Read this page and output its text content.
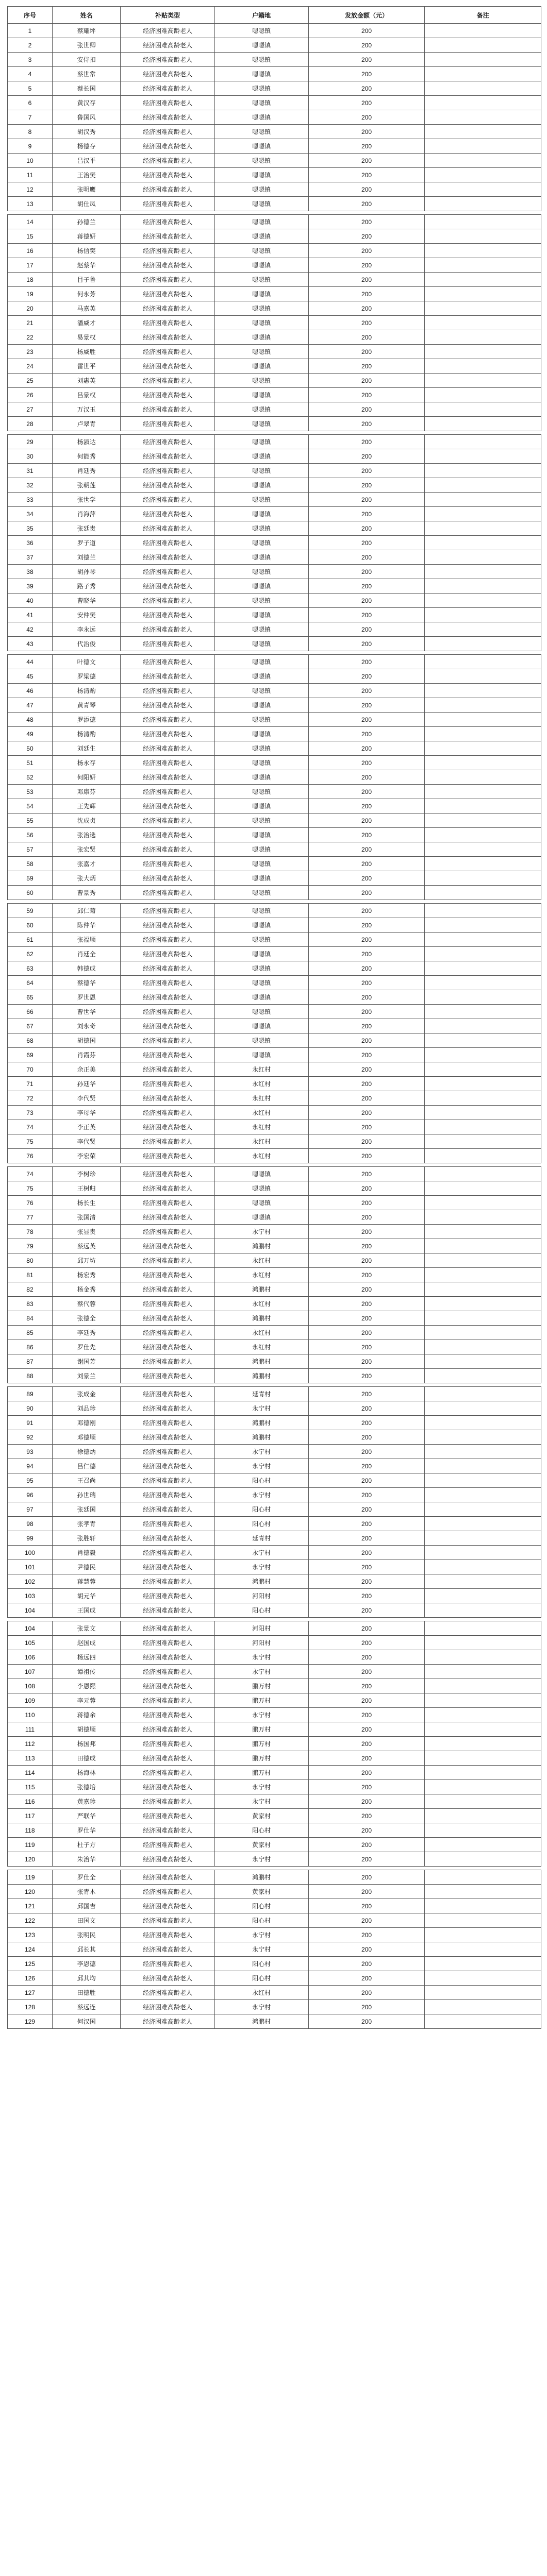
序号	姓名	补贴类型	户籍地	发放金额（元）	备注
1	蔡耀坪	经济困难高龄老人	嗯嗯镇	200	
2	张世卿	经济困难高龄老人	嗯嗯镇	200	
3	安侍扣	经济困难高龄老人	嗯嗯镇	200	
4	蔡世常	经济困难高龄老人	嗯嗯镇	200	
5	蔡长国	经济困难高龄老人	嗯嗯镇	200	
6	黄汉存	经济困难高龄老人	嗯嗯镇	200	
7	鲁国风	经济困难高龄老人	嗯嗯镇	200	
8	胡汉秀	经济困难高龄老人	嗯嗯镇	200	
9	杨德存	经济困难高龄老人	嗯嗯镇	200	
10	吕汉平	经济困难高龄老人	嗯嗯镇	200	
11	王治樊	经济困难高龄老人	嗯嗯镇	200	
12	张明鹰	经济困难高龄老人	嗯嗯镇	200	
13	胡仕凤	经济困难高龄老人	嗯嗯镇	200	

14	孙德兰	经济困难高龄老人	嗯嗯镇	200	
15	蒋德妍	经济困难高龄老人	嗯嗯镇	200	
16	杨信樊	经济困难高龄老人	嗯嗯镇	200	
17	赵蔡华	经济困难高龄老人	嗯嗯镇	200	
18	目子鲁	经济困难高龄老人	嗯嗯镇	200	
19	何永芳	经济困难高龄老人	嗯嗯镇	200	
20	马嘉英	经济困难高龄老人	嗯嗯镇	200	
21	潘威才	经济困难高龄老人	嗯嗯镇	200	
22	易景权	经济困难高龄老人	嗯嗯镇	200	
23	杨威胜	经济困难高龄老人	嗯嗯镇	200	
24	雷世平	经济困难高龄老人	嗯嗯镇	200	
25	刘惠英	经济困难高龄老人	嗯嗯镇	200	
26	吕景权	经济困难高龄老人	嗯嗯镇	200	
27	万汉玉	经济困难高龄老人	嗯嗯镇	200	
28	卢翠青	经济困难高龄老人	嗯嗯镇	200	

29	杨淑达	经济困难高龄老人	嗯嗯镇	200	
30	何能秀	经济困难高龄老人	嗯嗯镇	200	
31	肖廷秀	经济困难高龄老人	嗯嗯镇	200	
32	张朝莲	经济困难高龄老人	嗯嗯镇	200	
33	张世学	经济困难高龄老人	嗯嗯镇	200	
34	肖海萍	经济困难高龄老人	嗯嗯镇	200	
35	张廷贵	经济困难高龄老人	嗯嗯镇	200	
36	罗子道	经济困难高龄老人	嗯嗯镇	200	
37	刘德兰	经济困难高龄老人	嗯嗯镇	200	
38	胡孙琴	经济困难高龄老人	嗯嗯镇	200	
39	路子秀	经济困难高龄老人	嗯嗯镇	200	
40	曹晓华	经济困难高龄老人	嗯嗯镇	200	
41	安仲樊	经济困难高龄老人	嗯嗯镇	200	
42	李永远	经济困难高龄老人	嗯嗯镇	200	
43	代治俊	经济困难高龄老人	嗯嗯镇	200	

44	叶德文	经济困难高龄老人	嗯嗯镇	200	
45	罗梁德	经济困难高龄老人	嗯嗯镇	200	
46	杨清酌	经济困难高龄老人	嗯嗯镇	200	
47	黄青琴	经济困难高龄老人	嗯嗯镇	200	
48	罗添德	经济困难高龄老人	嗯嗯镇	200	
49	杨清酌	经济困难高龄老人	嗯嗯镇	200	
50	刘廷生	经济困难高龄老人	嗯嗯镇	200	
51	杨永存	经济困难高龄老人	嗯嗯镇	200	
52	何阳妍	经济困难高龄老人	嗯嗯镇	200	
53	邓康芬	经济困难高龄老人	嗯嗯镇	200	
54	王先辉	经济困难高龄老人	嗯嗯镇	200	
55	沈成贞	经济困难高龄老人	嗯嗯镇	200	
56	张治选	经济困难高龄老人	嗯嗯镇	200	
57	张宏贤	经济困难高龄老人	嗯嗯镇	200	
58	张嘉才	经济困难高龄老人	嗯嗯镇	200	
59	张大炳	经济困难高龄老人	嗯嗯镇	200	
60	曹景秀	经济困难高龄老人	嗯嗯镇	200	

59	邱仁菊	经济困难高龄老人	嗯嗯镇	200	
60	陈仲华	经济困难高龄老人	嗯嗯镇	200	
61	张福顺	经济困难高龄老人	嗯嗯镇	200	
62	肖廷全	经济困难高龄老人	嗯嗯镇	200	
63	韩德成	经济困难高龄老人	嗯嗯镇	200	
64	蔡德华	经济困难高龄老人	嗯嗯镇	200	
65	罗世恩	经济困难高龄老人	嗯嗯镇	200	
66	曹世华	经济困难高龄老人	嗯嗯镇	200	
67	刘永奇	经济困难高龄老人	嗯嗯镇	200	
68	胡德国	经济困难高龄老人	嗯嗯镇	200	
69	肖霞芬	经济困难高龄老人	嗯嗯镇	200	
70	余正美	经济困难高龄老人	永红村	200	
71	孙廷华	经济困难高龄老人	永红村	200	
72	李代贤	经济困难高龄老人	永红村	200	
73	李母华	经济困难高龄老人	永红村	200	
74	李正英	经济困难高龄老人	永红村	200	
75	李代贤	经济困难高龄老人	永红村	200	
76	李宏荣	经济困难高龄老人	永红村	200	

74	李树珍	经济困难高龄老人	嗯嗯镇	200	
75	王树归	经济困难高龄老人	嗯嗯镇	200	
76	杨长生	经济困难高龄老人	嗯嗯镇	200	
77	张国清	经济困难高龄老人	嗯嗯镇	200	
78	张显贵	经济困难高龄老人	永宁村	200	
79	蔡远英	经济困难高龄老人	鸿鹏村	200	
80	邱万坊	经济困难高龄老人	永红村	200	
81	杨宏秀	经济困难高龄老人	永红村	200	
82	杨金秀	经济困难高龄老人	鸿鹏村	200	
83	蔡代蓉	经济困难高龄老人	永红村	200	
84	张德全	经济困难高龄老人	鸿鹏村	200	
85	李廷秀	经济困难高龄老人	永红村	200	
86	罗仕先	经济困难高龄老人	永红村	200	
87	谢国芳	经济困难高龄老人	鸿鹏村	200	
88	刘景兰	经济困难高龄老人	鸿鹏村	200	

89	张成金	经济困难高龄老人	延青村	200	
90	刘品珍	经济困难高龄老人	永宁村	200	
91	邓德刚	经济困难高龄老人	鸿鹏村	200	
92	邓德顺	经济困难高龄老人	鸿鹏村	200	
93	徐德炳	经济困难高龄老人	永宁村	200	
94	吕仁德	经济困难高龄老人	永宁村	200	
95	王召尚	经济困难高龄老人	阳心村	200	
96	孙世瑞	经济困难高龄老人	永宁村	200	
97	张廷国	经济困难高龄老人	阳心村	200	
98	张孝青	经济困难高龄老人	阳心村	200	
99	张胜轩	经济困难高龄老人	延青村	200	
100	肖德毅	经济困难高龄老人	永宁村	200	
101	尹德民	经济困难高龄老人	永宁村	200	
102	蒋慧蓉	经济困难高龄老人	鸿鹏村	200	
103	胡元华	经济困难高龄老人	河阳村	200	
104	王国成	经济困难高龄老人	阳心村	200	

104	张景文	经济困难高龄老人	河阳村	200	
105	赵国成	经济困难高龄老人	河阳村	200	
106	杨远四	经济困难高龄老人	永宁村	200	
107	谭祖传	经济困难高龄老人	永宁村	200	
108	李恩熙	经济困难高龄老人	鹏万村	200	
109	李元蓉	经济困难高龄老人	鹏万村	200	
110	蒋德余	经济困难高龄老人	永宁村	200	
111	胡德顺	经济困难高龄老人	鹏万村	200	
112	杨国邦	经济困难高龄老人	鹏万村	200	
113	田德成	经济困难高龄老人	鹏万村	200	
114	杨海林	经济困难高龄老人	鹏万村	200	
115	张德培	经济困难高龄老人	永宁村	200	
116	黄嘉珍	经济困难高龄老人	永宁村	200	
117	严联华	经济困难高龄老人	黄家村	200	
118	罗仕华	经济困难高龄老人	阳心村	200	
119	杜子方	经济困难高龄老人	黄家村	200	
120	朱治华	经济困难高龄老人	永宁村	200	

119	罗仕全	经济困难高龄老人	鸿鹏村	200	
120	张青木	经济困难高龄老人	黄家村	200	
121	邱国吉	经济困难高龄老人	阳心村	200	
122	田国文	经济困难高龄老人	阳心村	200	
123	张明民	经济困难高龄老人	永宁村	200	
124	邱长其	经济困难高龄老人	永宁村	200	
125	李恩德	经济困难高龄老人	阳心村	200	
126	邱其均	经济困难高龄老人	阳心村	200	
127	田德胜	经济困难高龄老人	永红村	200	
128	蔡远连	经济困难高龄老人	永宁村	200	
129	何汉国	经济困难高龄老人	鸿鹏村	200	
